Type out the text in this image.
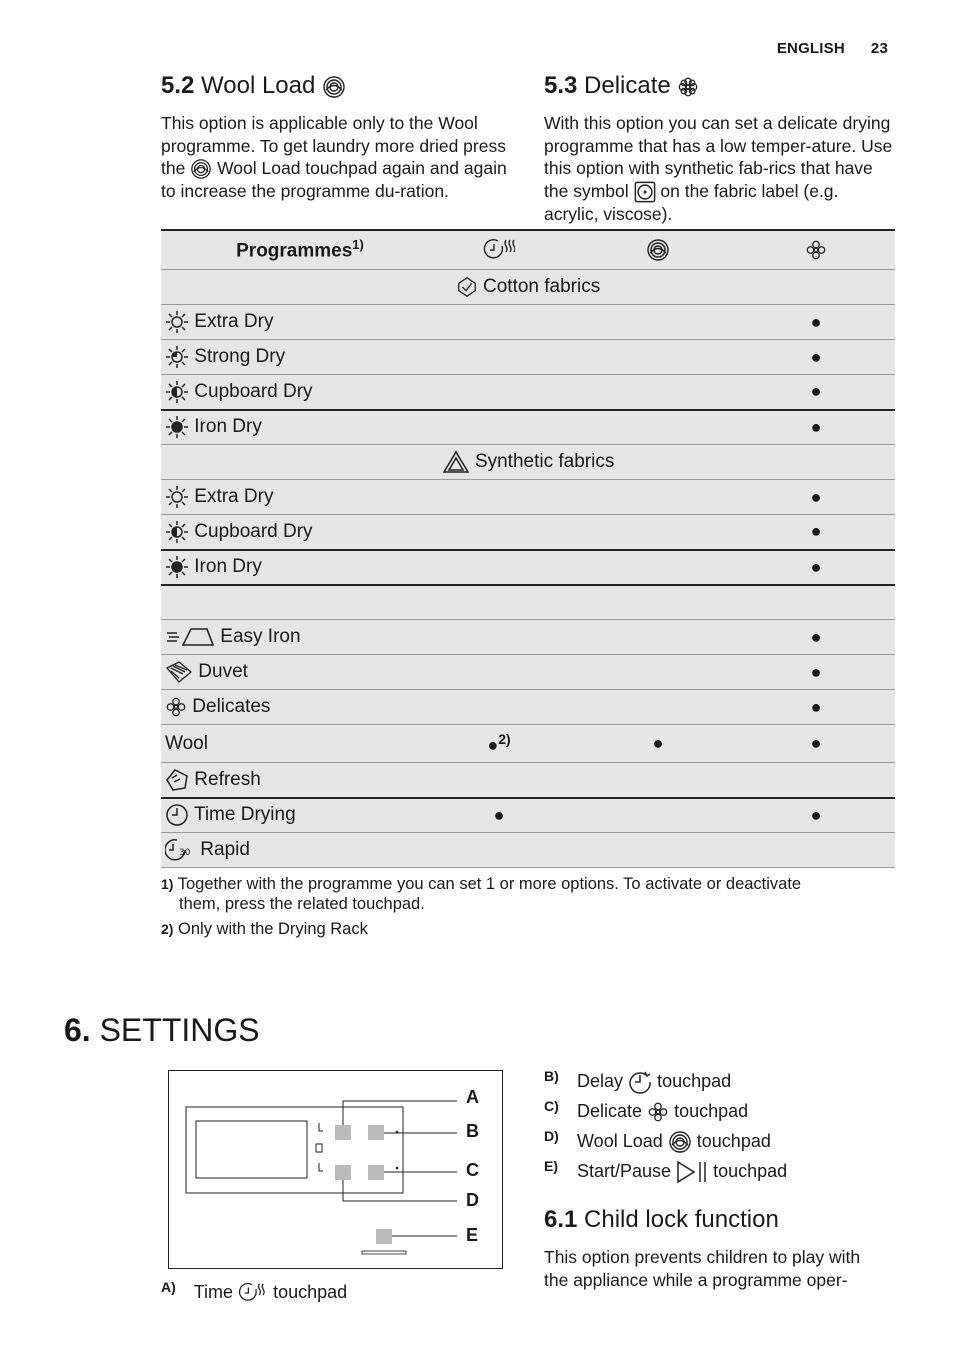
ENGLISH 23
5.2 Wool Load

This option is applicable only to the Wool programme. To get laundry more dried press the Wool Load touchpad again and again to increase the programme du-ration.

5.3 Delicate

With this option you can set a delicate drying programme that has a low temper-ature. Use this option with synthetic fab-rics that have the symbol on the fabric label (e.g. acrylic, viscose).

Programmes$^{1)}$			
Cotton fabrics			
Extra Dry			●
Strong Dry			●
Cupboard Dry			●
Iron Dry			●
Synthetic fabrics			
Extra Dry			●
Cupboard Dry			●
Iron Dry			●

Easy Iron			●
Duvet			●
Delicates			●
Wool	●$^{2)}$	●	●
Refresh			
Time Drying	●		●

30 Rapid			
$^{1)}$ Together with the programme you can set 1 or more options. To activate or deactivate
them, press the related touchpad.
$^{2)}$ Only with the Drying Rack
6. SETTINGS
A
B
C
D
E
A) Time touchpad
B) Delay touchpad
C) Delicate touchpad
D) Wool Load touchpad
E) Start/Pause touchpad
6.1 Child lock function

This option prevents children to play with
the appliance while a programme oper-
